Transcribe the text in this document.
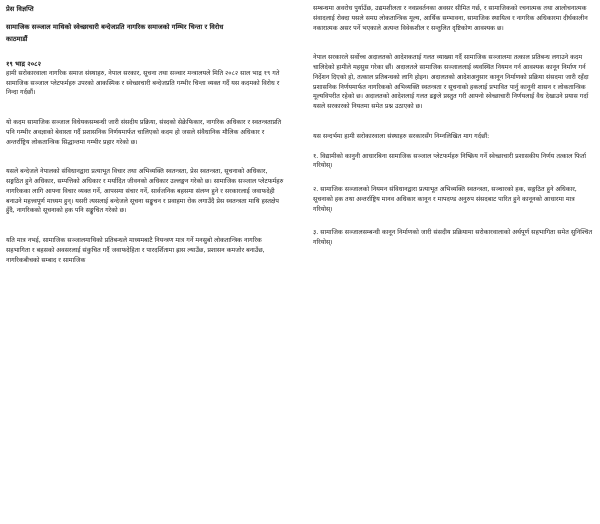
प्रेस विज्ञप्ति

सामाजिक सञ्जाल माथिको स्वेच्छाचारी बन्देजप्रति नागरिक समाजको गम्भिर चिन्ता र विरोध

काठमाडौं

१९ भाद्र २०८२

हामी सरोकारवाला नागरिक समाज संस्थाहरु, नेपाल सरकार, सूचना तथा सञ्चार मन्त्रालयले मिति २०८२ साल भाद्र १९ गते सामाजिक सञ्जाल प्लेटफर्महरु उपरको आकस्मिक र स्वेच्छाचारी बन्देजप्रति गम्भीर चिन्ता व्यक्त गर्दै यस कदमको विरोध र निन्दा गर्दछौं।

यो कदम सामाजिक सञ्जाल विधेयकसम्बन्धी जारी संसदीय प्रक्रिया, संस्दको सेक्रेफिकार, नागरिक अधिकार र स्वतन्त्रताप्रति पनि गम्भीर अवज्ञाको बेवास्ता गर्दै प्रशासनिक निर्णयमार्फत चालिएको कदम हो जसले संवैधानिक मौलिक अधिकार र अन्तर्राष्ट्रिय लोकतान्त्रिक सिद्धान्तमा गम्भीर प्रहार गरेको छ।

यसले बन्देजले नेपालको संविधानद्वारा प्रत्याभूत विचार तथा अभिव्यक्ति स्वतन्त्रता, प्रेस स्वतन्त्रता, सूचनाको अधिकार, सङ्गठित हुने अधिकार, सम्पत्तिको अधिकार र मर्यादित जीवनको अधिकार उल्लङ्घन गरेको छ। सामाजिक सञ्जाल प्लेटफर्महरु नागरिकका लागि आफ्ना विचार व्यक्त गर्ने, आपसमा संचार गर्ने, सार्वजनिक बहसमा संलग्न हुने र सरकारलाई जवाफदेही बनाउने महत्त्वपूर्ण माध्यम हुन्। यसरी त्यसलाई बन्देजले सूचना सङ्कुचन र प्रवाहमा रोक लगाउँदै प्रेस स्वतन्त्रता माथि हस्तक्षेप हुँदै, नागरिकको सूचनाको हक पनि सङ्कुचित गरेको छ।

यति मात्र नभई, सामाजिक सञ्जालमाथिको प्रतिबन्धले माध्यमबाटै नियन्त्रण मात्र गर्ने मनसुबो लोकतान्त्रिक नागरिक सहभागिता र बहसको अवसरलाई संकुचित गर्दै जवाफदेहिता र पारदर्शितामा ह्रास ल्याउँछ, प्रशासन कमजोर बनाउँछ, नागरिकबीचको सम्बाद र सामाजिक

सम्बन्धमा अवरोध पुर्याउँछ, उद्यमशीलता र नवप्रवर्तनका अवसर सीमित गर्छ, र सामाजिकको रचनात्मक तथा आलोचनात्मक संवादलाई रोक्दा यसले समग्र लोकतान्त्रिक मूल्य, आर्थिक सम्भावना, सामाजिक स्थायित्व र नागरिक अधिकारमा दीर्घकालीन नकारात्मक असर पर्ने भएकाले अत्यन्त विवेकशील र सन्तुलित दृष्टिकोण आवश्यक छ।

नेपाल सरकारले सर्वोच्च अदालतको आदेशकताई गलत व्याख्या गर्दै सामाजिक सञ्जालमा तत्काल प्रतिबन्ध लगाउने कदम चालिदेको हामीले महसुस गरेका छौं। अदालतले सामाजिक सञ्जाललाई व्यवस्थित नियमन गर्न आवश्यक कानून निर्माण गर्न निर्देशन दिएको हो, तत्काल प्रतिबन्धको लागि होइन। अदालतको आदेशअनुसार कानून निर्माणको प्रक्रिया संसदमा जारी रहँदा प्रशासनिक निर्णयमार्फत नागरिकको अभिव्यक्ति स्वतन्त्रता र सूचनाको हकलाई प्रभावित पार्नु कानूनी शासन र लोकतान्त्रिक मूल्यविपरीत रहेको छ। अदालतको आदेशलाई गलत ढङ्गले प्रस्तुत गरी आफ्नो स्वेच्छाचारी निर्णयलाई वैध देखाउने प्रयास गर्दा यसले सरकारको नियतमा समेत प्रश्न उठाएको छ।

यस सन्दर्भमा हामी सरोकारवाला संस्थाहरु सरकारसँग निम्नलिखित माग गर्दछौं:

१. विद्यामीको कानुनी आधारबिना सामाजिक सञ्जाल प्लेटफर्महरु निष्क्रिय गर्ने स्वेच्छाचारी प्रशासकीय निर्णय तत्काल फिर्ता गरियोस्।

२. सामाजिक सञ्जालको नियमन संविधानद्वारा प्रत्याभूत अभिव्यक्ति स्वतन्त्रता, सञ्चारको हक, सङ्गठित हुने अधिकार, सूचनाको हक तथा अन्तर्राष्ट्रिय मानव अधिकार कानून र मापदण्ड अनुरुप संसदबाट पारित हुने कानूनको आधारमा मात्र गरियोस्।

३. सामाजिक सञ्जालसम्बन्धी कानून निर्माणको जारी संसदीय प्रक्रियामा सरोकारवालाको अर्थपूर्ण सहभागिता समेत सुनिश्चित गरियोस्।
